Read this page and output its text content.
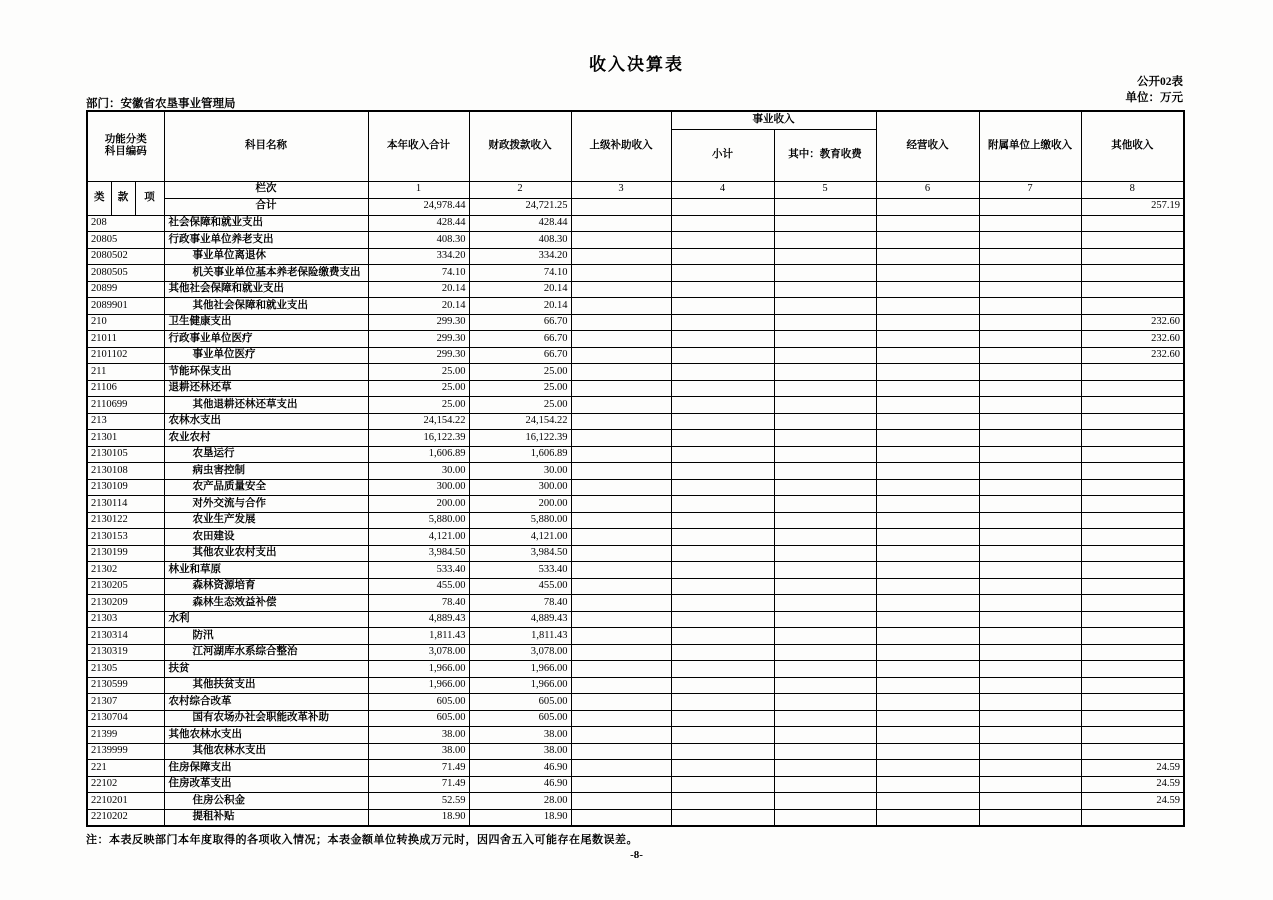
收入决算表
公开02表
单位：万元
部门：安徽省农垦事业管理局
功能分类
科目编码			科目名称	本年收入合计	财政拨款收入	上级补助收入	事业收入		经营收入	附属单位上缴收入	其他收入
							小计	其中：教育收费			
类	款	项	栏次	1	2	3	4	5	6	7	8
			合计	24,978.44	24,721.25						257.19
208			社会保障和就业支出	428.44	428.44						
20805			行政事业单位养老支出	408.30	408.30						
2080502			事业单位离退休	334.20	334.20						
2080505			机关事业单位基本养老保险缴费支出	74.10	74.10						
20899			其他社会保障和就业支出	20.14	20.14						
2089901			其他社会保障和就业支出	20.14	20.14						
210			卫生健康支出	299.30	66.70						232.60
21011			行政事业单位医疗	299.30	66.70						232.60
2101102			事业单位医疗	299.30	66.70						232.60
211			节能环保支出	25.00	25.00						
21106			退耕还林还草	25.00	25.00						
2110699			其他退耕还林还草支出	25.00	25.00						
213			农林水支出	24,154.22	24,154.22						
21301			农业农村	16,122.39	16,122.39						
2130105			农垦运行	1,606.89	1,606.89						
2130108			病虫害控制	30.00	30.00						
2130109			农产品质量安全	300.00	300.00						
2130114			对外交流与合作	200.00	200.00						
2130122			农业生产发展	5,880.00	5,880.00						
2130153			农田建设	4,121.00	4,121.00						
2130199			其他农业农村支出	3,984.50	3,984.50						
21302			林业和草原	533.40	533.40						
2130205			森林资源培育	455.00	455.00						
2130209			森林生态效益补偿	78.40	78.40						
21303			水利	4,889.43	4,889.43						
2130314			防汛	1,811.43	1,811.43						
2130319			江河湖库水系综合整治	3,078.00	3,078.00						
21305			扶贫	1,966.00	1,966.00						
2130599			其他扶贫支出	1,966.00	1,966.00						
21307			农村综合改革	605.00	605.00						
2130704			国有农场办社会职能改革补助	605.00	605.00						
21399			其他农林水支出	38.00	38.00						
2139999			其他农林水支出	38.00	38.00						
221			住房保障支出	71.49	46.90						24.59
22102			住房改革支出	71.49	46.90						24.59
2210201			住房公积金	52.59	28.00						24.59
2210202			提租补贴	18.90	18.90						
注：本表反映部门本年度取得的各项收入情况；本表金额单位转换成万元时，因四舍五入可能存在尾数误差。
-8-
